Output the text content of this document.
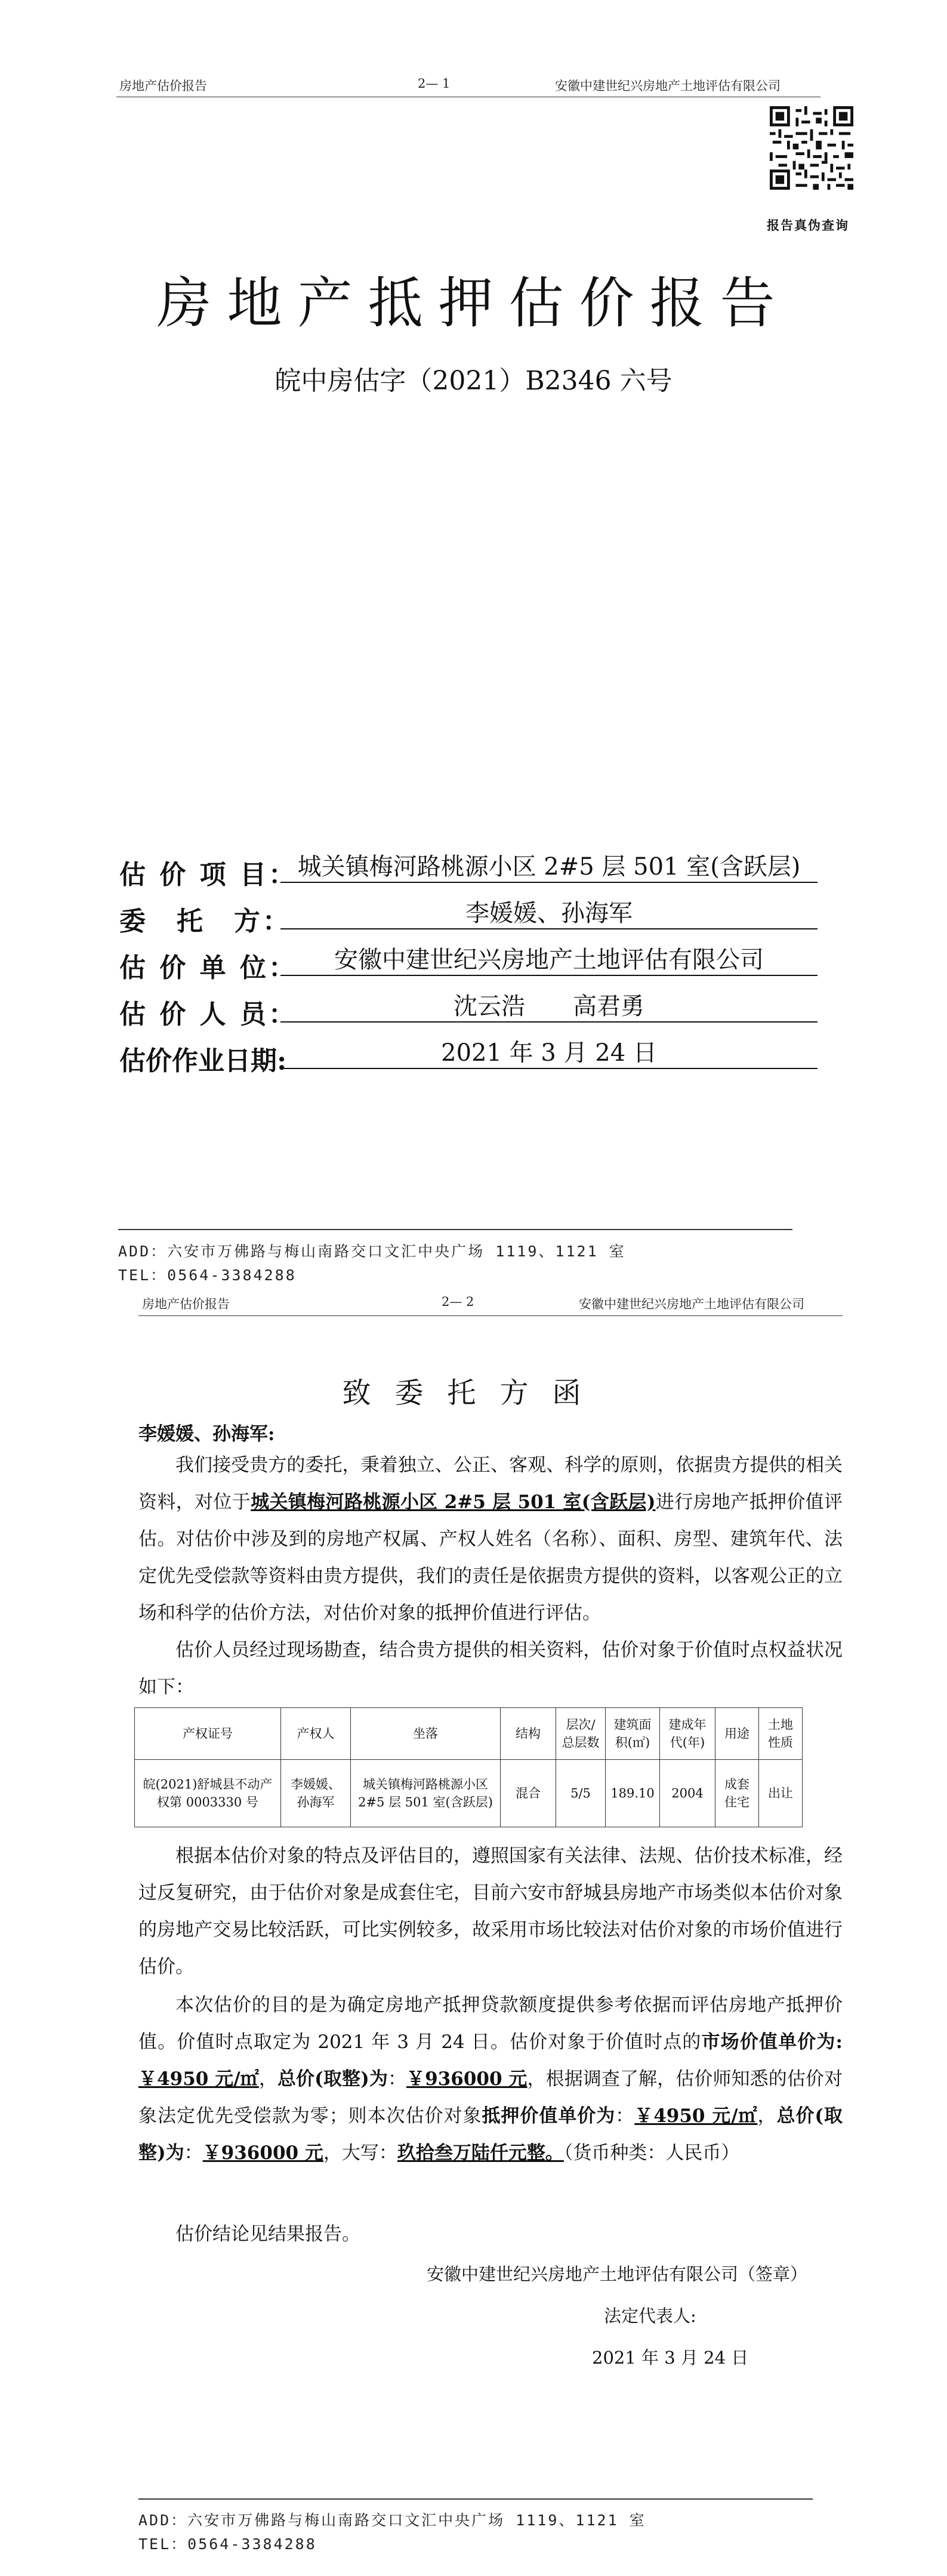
房地产估价报告	2— 1	安徽中建世纪兴房地产土地评估有限公司
报告真伪查询
房地产抵押估价报告
皖中房估字（2021）B2346 六号
估 价 项 目： 城关镇梅河路桃源小区 2#5 层 501 室(含跃层)
委　托　方：	李媛媛、孙海军
估 价 单 位：	安徽中建世纪兴房地产土地评估有限公司
估 价 人 员：	沈云浩　　高君勇
估价作业日期:	2021 年 3 月 24 日
ADD：六安市万佛路与梅山南路交口文汇中央广场 1119、1121 室
TEL：0564-3384288
房地产估价报告	2— 2	安徽中建世纪兴房地产土地评估有限公司
致委托方函
李媛媛、孙海军:

我们接受贵方的委托，秉着独立、公正、客观、科学的原则，依据贵方提供的相关资料，对位于城关镇梅河路桃源小区 2#5 层 501 室(含跃层)进行房地产抵押价值评估。对估价中涉及到的房地产权属、产权人姓名（名称）、面积、房型、建筑年代、法定优先受偿款等资料由贵方提供，我们的责任是依据贵方提供的资料，以客观公正的立场和科学的估价方法，对估价对象的抵押价值进行评估。

估价人员经过现场勘查，结合贵方提供的相关资料，估价对象于价值时点权益状况如下：

产权证号	产权人	坐落	结构	层次/总层数	建筑面积(㎡)	建成年代(年)	用途	土地性质
皖(2021)舒城县不动产权第 0003330 号	李媛媛、孙海军	城关镇梅河路桃源小区 2#5 层 501 室(含跃层)	混合	5/5	189.10	2004	成套住宅	出让

根据本估价对象的特点及评估目的，遵照国家有关法律、法规、估价技术标准，经过反复研究，由于估价对象是成套住宅，目前六安市舒城县房地产市场类似本估价对象的房地产交易比较活跃，可比实例较多，故采用市场比较法对估价对象的市场价值进行估价。

本次估价的目的是为确定房地产抵押贷款额度提供参考依据而评估房地产抵押价值。价值时点取定为 2021 年 3 月 24 日。估价对象于价值时点的市场价值单价为:￥4950 元/㎡，总价(取整)为：￥936000 元，根据调查了解，估价师知悉的估价对象法定优先受偿款为零；则本次估价对象抵押价值单价为：￥4950 元/㎡，总价(取整)为：￥936000 元，大写：玖拾叁万陆仟元整。（货币种类：人民币）

估价结论见结果报告。

安徽中建世纪兴房地产土地评估有限公司（签章）
法定代表人:
2021 年 3 月 24 日
ADD：六安市万佛路与梅山南路交口文汇中央广场 1119、1121 室
TEL：0564-3384288
